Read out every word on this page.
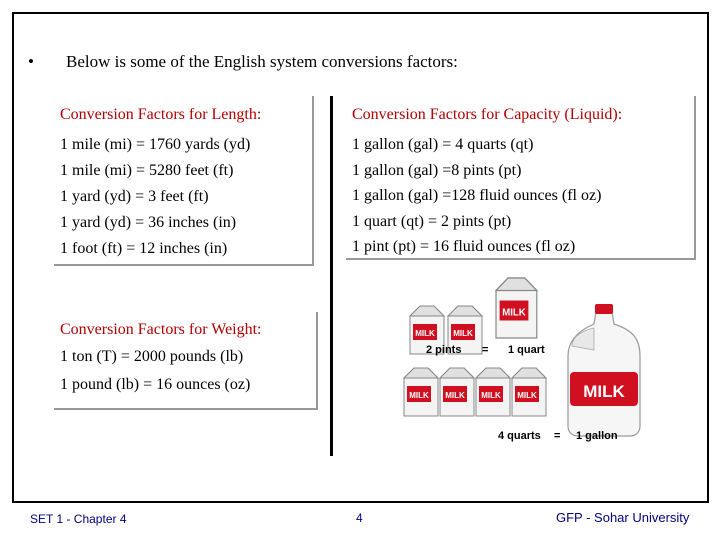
• Below is some of the English system conversions factors:
Conversion Factors for Length:
1 mile (mi) = 1760 yards (yd)
1 mile (mi) = 5280 feet (ft)
1 yard (yd) = 3 feet (ft)
1 yard (yd) = 36 inches (in)
1 foot (ft) = 12 inches (in)
Conversion Factors for Capacity (Liquid):
1 gallon (gal) = 4 quarts (qt)
1 gallon (gal) =8 pints (pt)
1 gallon (gal) =128 fluid ounces (fl oz)
1 quart (qt) = 2 pints (pt)
1 pint (pt) = 16 fluid ounces (fl oz)
Conversion Factors for Weight:
1 ton (T) = 2000 pounds (lb)
1 pound (lb) = 16 ounces (oz)
MILK MILK
MILK
2 pints = 1 quart
MILK MILK MILK MILK	MILK
4 quarts = 1 gallon
SET 1 - Chapter 4	4	GFP - Sohar University
